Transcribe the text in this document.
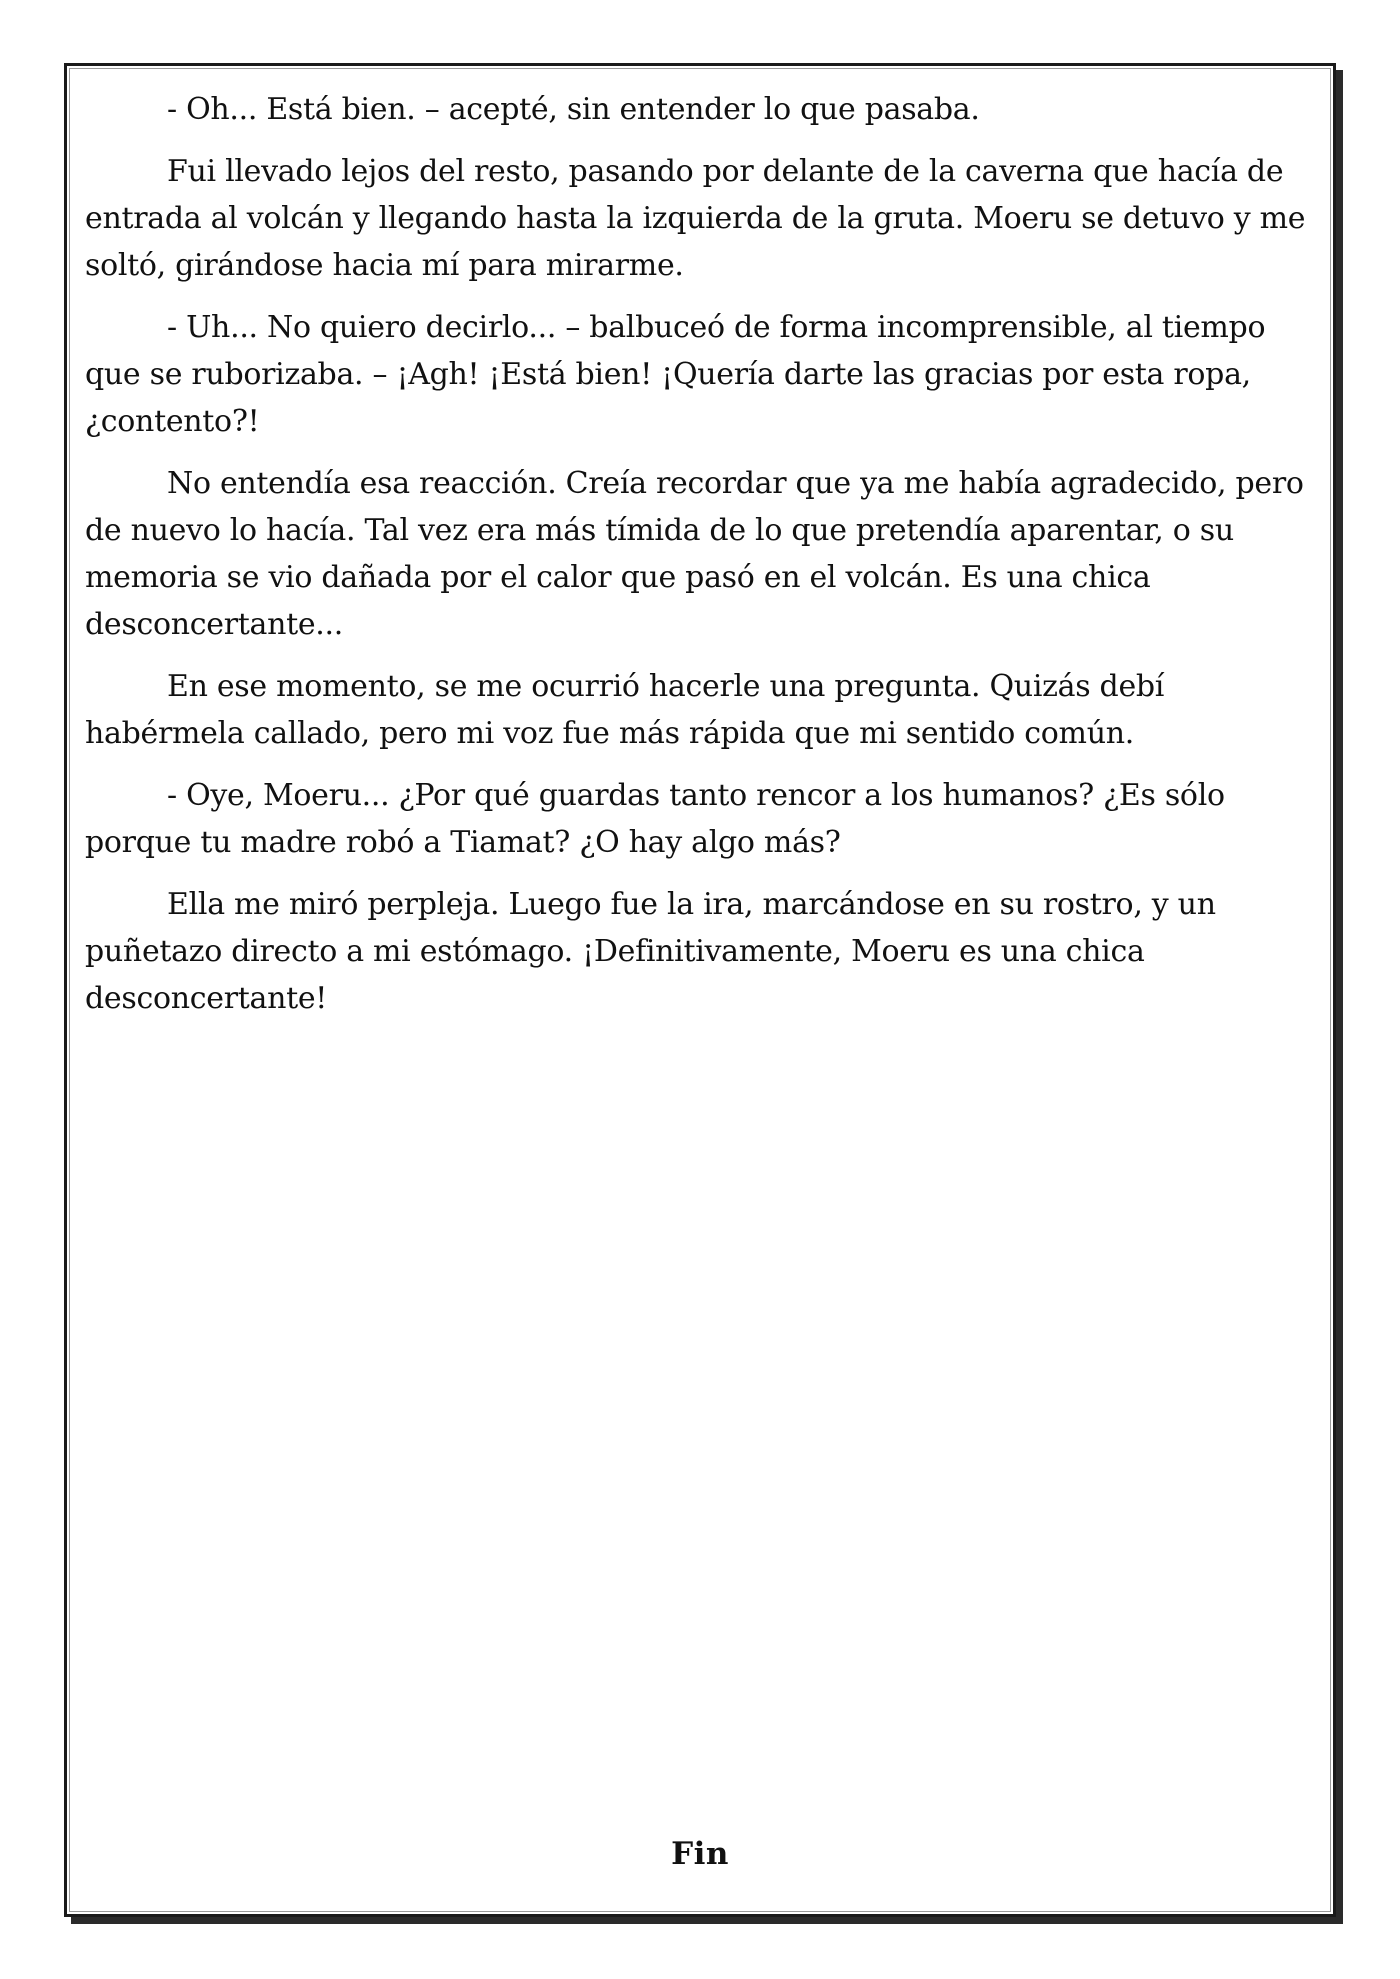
- Oh... Está bien. – acepté, sin entender lo que pasaba.

Fui llevado lejos del resto, pasando por delante de la caverna que hacía de entrada al volcán y llegando hasta la izquierda de la gruta. Moeru se detuvo y me soltó, girándose hacia mí para mirarme.

- Uh... No quiero decirlo... – balbuceó de forma incomprensible, al tiempo que se ruborizaba. – ¡Agh! ¡Está bien! ¡Quería darte las gracias por esta ropa, ¿contento?!

No entendía esa reacción. Creía recordar que ya me había agradecido, pero de nuevo lo hacía. Tal vez era más tímida de lo que pretendía aparentar, o su memoria se vio dañada por el calor que pasó en el volcán. Es una chica desconcertante...

En ese momento, se me ocurrió hacerle una pregunta. Quizás debí habérmela callado, pero mi voz fue más rápida que mi sentido común.

- Oye, Moeru... ¿Por qué guardas tanto rencor a los humanos? ¿Es sólo porque tu madre robó a Tiamat? ¿O hay algo más?

Ella me miró perpleja. Luego fue la ira, marcándose en su rostro, y un puñetazo directo a mi estómago. ¡Definitivamente, Moeru es una chica desconcertante!

Fin
